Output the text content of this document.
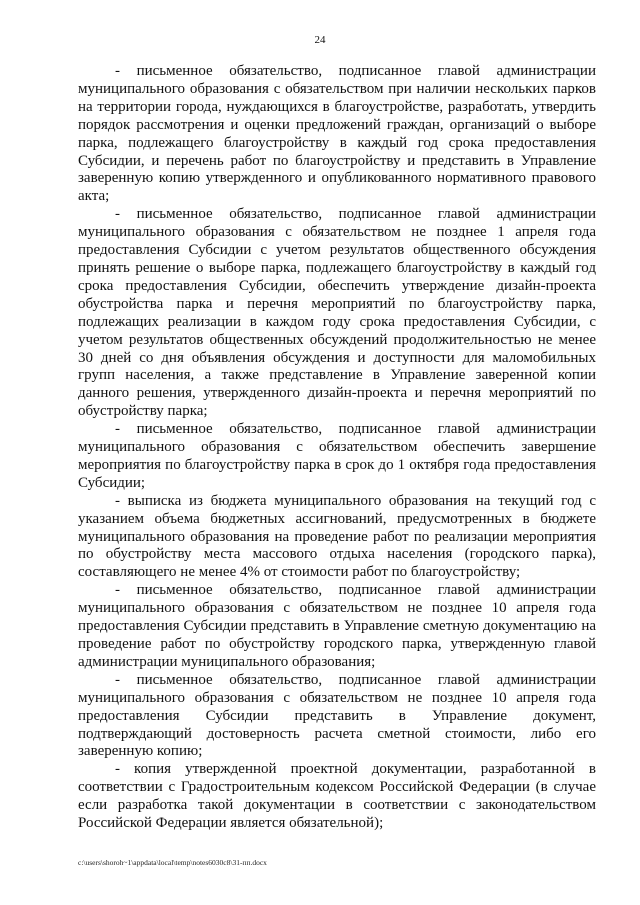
24

- письменное обязательство, подписанное главой администрации муниципального образования с обязательством при наличии нескольких парков на территории города, нуждающихся в благоустройстве, разработать, утвердить порядок рассмотрения и оценки предложений граждан, организаций о выборе парка, подлежащего благоустройству в каждый год срока предоставления Субсидии, и перечень работ по благоустройству и представить в Управление заверенную копию утвержденного и опубликованного нормативного правового акта;

- письменное обязательство, подписанное главой администрации муниципального образования с обязательством не позднее 1 апреля года предоставления Субсидии с учетом результатов общественного обсуждения принять решение о выборе парка, подлежащего благоустройству в каждый год срока предоставления Субсидии, обеспечить утверждение дизайн-проекта обустройства парка и перечня мероприятий по благоустройству парка, подлежащих реализации в каждом году срока предоставления Субсидии, с учетом результатов общественных обсуждений продолжительностью не менее 30 дней со дня объявления обсуждения и доступности для маломобильных групп населения, а также представление в Управление заверенной копии данного решения, утвержденного дизайн-проекта и перечня мероприятий по обустройству парка;

- письменное обязательство, подписанное главой администрации муниципального образования с обязательством обеспечить завершение мероприятия по благоустройству парка в срок до 1 октября года предоставления Субсидии;

- выписка из бюджета муниципального образования на текущий год с указанием объема бюджетных ассигнований, предусмотренных в бюджете муниципального образования на проведение работ по реализации мероприятия по обустройству места массового отдыха населения (городского парка), составляющего не менее 4% от стоимости работ по благоустройству;

- письменное обязательство, подписанное главой администрации муниципального образования с обязательством не позднее 10 апреля года предоставления Субсидии представить в Управление сметную документацию на проведение работ по обустройству городского парка, утвержденную главой администрации муниципального образования;

- письменное обязательство, подписанное главой администрации муниципального образования с обязательством не позднее 10 апреля года предоставления Субсидии представить в Управление документ, подтверждающий достоверность расчета сметной стоимости, либо его заверенную копию;

- копия утвержденной проектной документации, разработанной в соответствии с Градостроительным кодексом Российской Федерации (в случае если разработка такой документации в соответствии с законодательством Российской Федерации является обязательной);

c:\users\shoroh~1\appdata\local\temp\notes6030c8\31-пп.docx
